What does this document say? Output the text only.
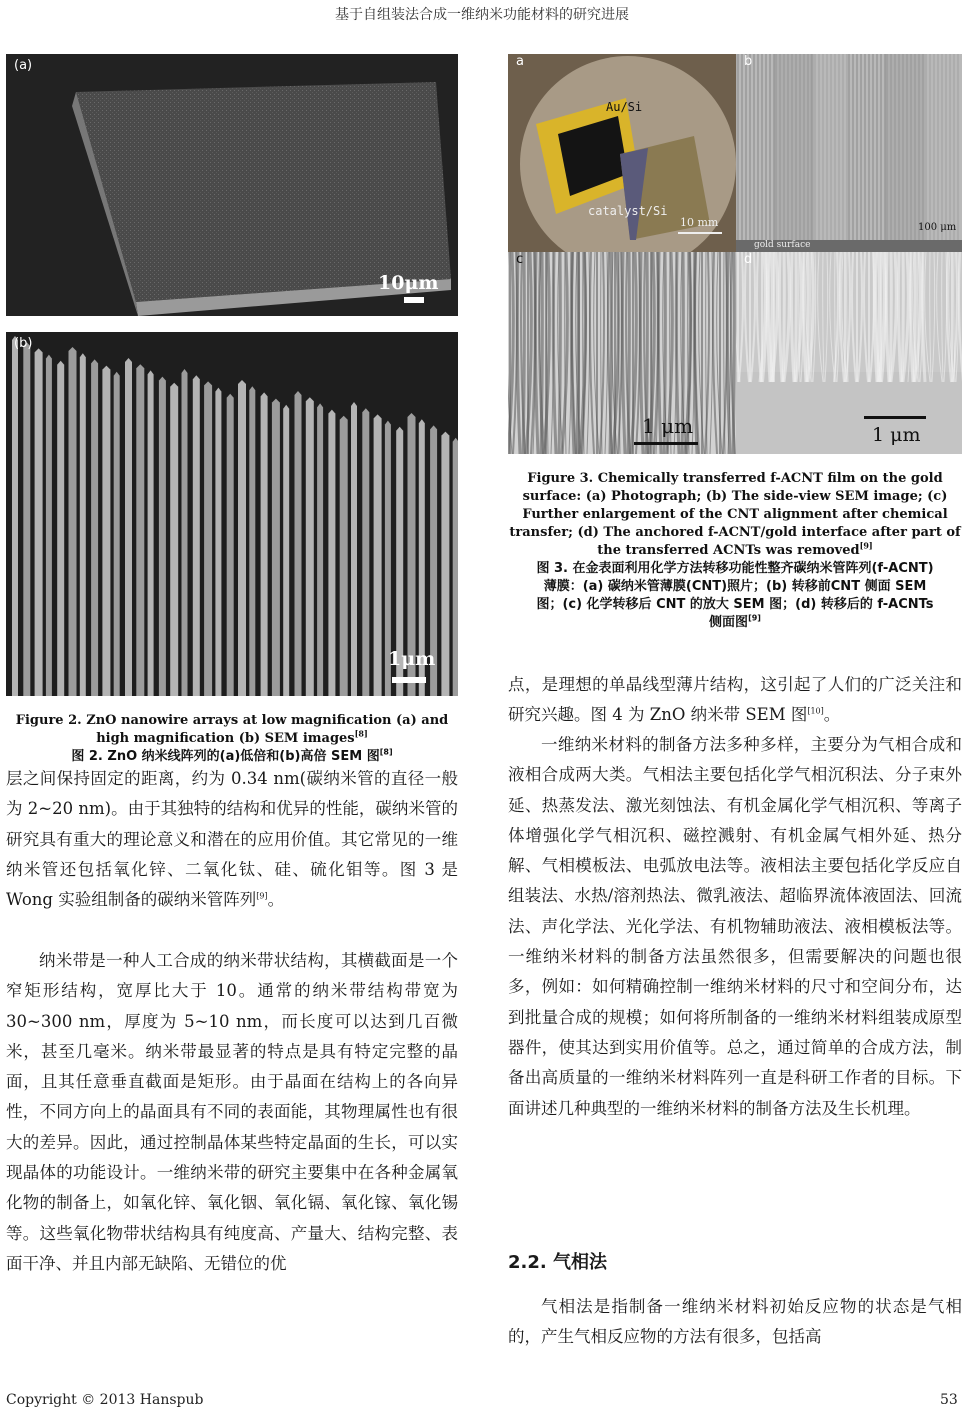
基于自组装法合成一维纳米功能材料的研究进展
(a)
10μm
(b)
1μm
Figure 2. ZnO nanowire arrays at low magnification (a) and high magnification (b) SEM images[8]
图 2. ZnO 纳米线阵列的(a)低倍和(b)高倍 SEM 图[8]

层之间保持固定的距离，约为 0.34 nm(碳纳米管的直径一般为 2~20 nm)。由于其独特的结构和优异的性能，碳纳米管的研究具有重大的理论意义和潜在的应用价值。其它常见的一维纳米管还包括氧化锌、二氧化钛、硅、硫化钼等。图 3 是 Wong 实验组制备的碳纳米管阵列[9]。

纳米带是一种人工合成的纳米带状结构，其横截面是一个窄矩形结构，宽厚比大于 10。通常的纳米带结构带宽为 30~300 nm，厚度为 5~10 nm，而长度可以达到几百微米，甚至几毫米。纳米带最显著的特点是具有特定完整的晶面，且其任意垂直截面是矩形。由于晶面在结构上的各向异性，不同方向上的晶面具有不同的表面能，其物理属性也有很大的差异。因此，通过控制晶体某些特定晶面的生长，可以实现晶体的功能设计。一维纳米带的研究主要集中在各种金属氧化物的制备上，如氧化锌、氧化铟、氧化镉、氧化镓、氧化锡等。这些氧化物带状结构具有纯度高、产量大、结构完整、表面干净、并且内部无缺陷、无错位的优

a
Au/Si
catalyst/Si
10 mm
b
100 μm
gold surface
c
1 μm
d
1 μm
Figure 3. Chemically transferred f-ACNT film on the gold surface: (a) Photograph; (b) The side-view SEM image; (c) Further enlargement of the CNT alignment after chemical transfer; (d) The anchored f-ACNT/gold interface after part of the transferred ACNTs was removed[9]
图 3. 在金表面利用化学方法转移功能性整齐碳纳米管阵列(f-ACNT)薄膜：(a) 碳纳米管薄膜(CNT)照片；(b) 转移前CNT 侧面 SEM 图；(c) 化学转移后 CNT 的放大 SEM 图；(d) 转移后的 f-ACNTs 侧面图[9]

点，是理想的单晶线型薄片结构，这引起了人们的广泛关注和研究兴趣。图 4 为 ZnO 纳米带 SEM 图[10]。

一维纳米材料的制备方法多种多样，主要分为气相合成和液相合成两大类。气相法主要包括化学气相沉积法、分子束外延、热蒸发法、激光刻蚀法、有机金属化学气相沉积、等离子体增强化学气相沉积、磁控溅射、有机金属气相外延、热分解、气相模板法、电弧放电法等。液相法主要包括化学反应自组装法、水热/溶剂热法、微乳液法、超临界流体液固法、回流法、声化学法、光化学法、有机物辅助液法、液相模板法等。一维纳米材料的制备方法虽然很多，但需要解决的问题也很多，例如：如何精确控制一维纳米材料的尺寸和空间分布，达到批量合成的规模；如何将所制备的一维纳米材料组装成原型器件，使其达到实用价值等。总之，通过简单的合成方法，制备出高质量的一维纳米材料阵列一直是科研工作者的目标。下面讲述几种典型的一维纳米材料的制备方法及生长机理。

2.2. 气相法

气相法是指制备一维纳米材料初始反应物的状态是气相的，产生气相反应物的方法有很多，包括高

Copyright © 2013 Hanspub	53
